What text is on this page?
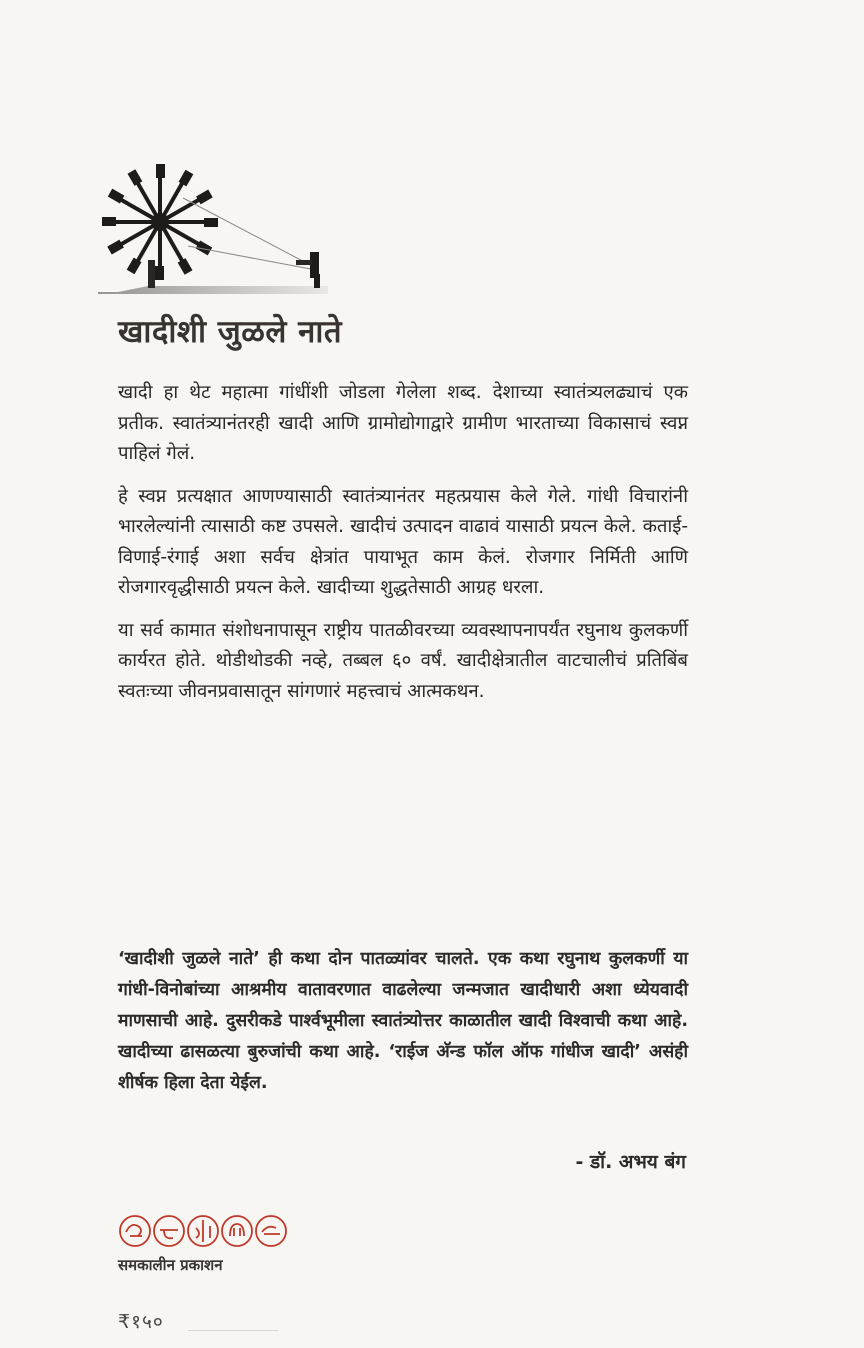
खादीशी जुळले नाते

खादी हा थेट महात्मा गांधींशी जोडला गेलेला शब्द. देशाच्या स्वातंत्र्यलढ्याचं एक प्रतीक. स्वातंत्र्यानंतरही खादी आणि ग्रामोद्योगाद्वारे ग्रामीण भारताच्या विकासाचं स्वप्न पाहिलं गेलं.

हे स्वप्न प्रत्यक्षात आणण्यासाठी स्वातंत्र्यानंतर महत्प्रयास केले गेले. गांधी विचारांनी भारलेल्यांनी त्यासाठी कष्ट उपसले. खादीचं उत्पादन वाढावं यासाठी प्रयत्न केले. कताई-विणाई-रंगाई अशा सर्वच क्षेत्रांत पायाभूत काम केलं. रोजगार निर्मिती आणि रोजगारवृद्धीसाठी प्रयत्न केले. खादीच्या शुद्धतेसाठी आग्रह धरला.

या सर्व कामात संशोधनापासून राष्ट्रीय पातळीवरच्या व्यवस्थापनापर्यंत रघुनाथ कुलकर्णी कार्यरत होते. थोडीथोडकी नव्हे, तब्बल ६० वर्षं. खादीक्षेत्रातील वाटचालीचं प्रतिबिंब स्वतःच्या जीवनप्रवासातून सांगणारं महत्त्वाचं आत्मकथन.

‘खादीशी जुळले नाते’ ही कथा दोन पातळ्यांवर चालते. एक कथा रघुनाथ कुलकर्णी या गांधी-विनोबांच्या आश्रमीय वातावरणात वाढलेल्या जन्मजात खादीधारी अशा ध्येयवादी माणसाची आहे. दुसरीकडे पार्श्वभूमीला स्वातंत्र्योत्तर काळातील खादी विश्वाची कथा आहे. खादीच्या ढासळत्या बुरुजांची कथा आहे. ‘राईज अ‍ॅन्ड फॉल ऑफ गांधीज खादी’ असंही शीर्षक हिला देता येईल.

- डॉ. अभय बंग
समकालीन प्रकाशन
₹१५०
